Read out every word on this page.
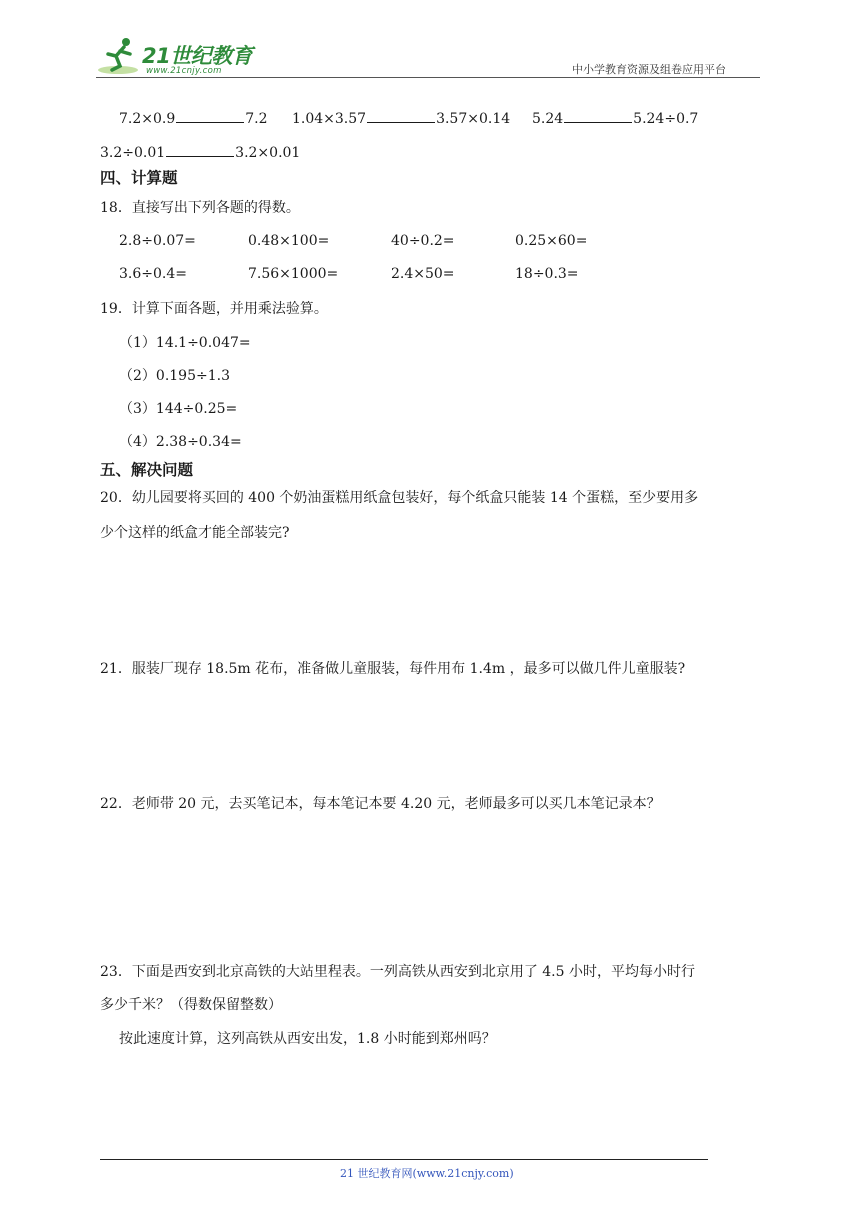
21世纪教育
www.21cnjy.com	中小学教育资源及组卷应用平台
7.2×0.9	7.2 1.04×3.57	3.57×0.14 5.24	5.24÷0.7
3.2÷0.01	3.2×0.01
四、计算题
18．直接写出下列各题的得数。
2.8÷0.07=	0.48×100=	40÷0.2=	0.25×60=
3.6÷0.4=	7.56×1000=	2.4×50=	18÷0.3=
19．计算下面各题，并用乘法验算。
（1）14.1÷0.047=
（2）0.195÷1.3
（3）144÷0.25=
（4）2.38÷0.34=
五、解决问题
20．幼儿园要将买回的 400 个奶油蛋糕用纸盒包装好，每个纸盒只能装 14 个蛋糕，至少要用多
少个这样的纸盒才能全部装完?
21．服装厂现存 18.5m 花布，准备做儿童服装，每件用布 1.4m ，最多可以做几件儿童服装?
22．老师带 20 元，去买笔记本，每本笔记本要 4.20 元，老师最多可以买几本笔记录本？
23．下面是西安到北京高铁的大站里程表。一列高铁从西安到北京用了 4.5 小时，平均每小时行
多少千米？（得数保留整数）
按此速度计算，这列高铁从西安出发，1.8 小时能到郑州吗？
21 世纪教育网(www.21cnjy.com)
